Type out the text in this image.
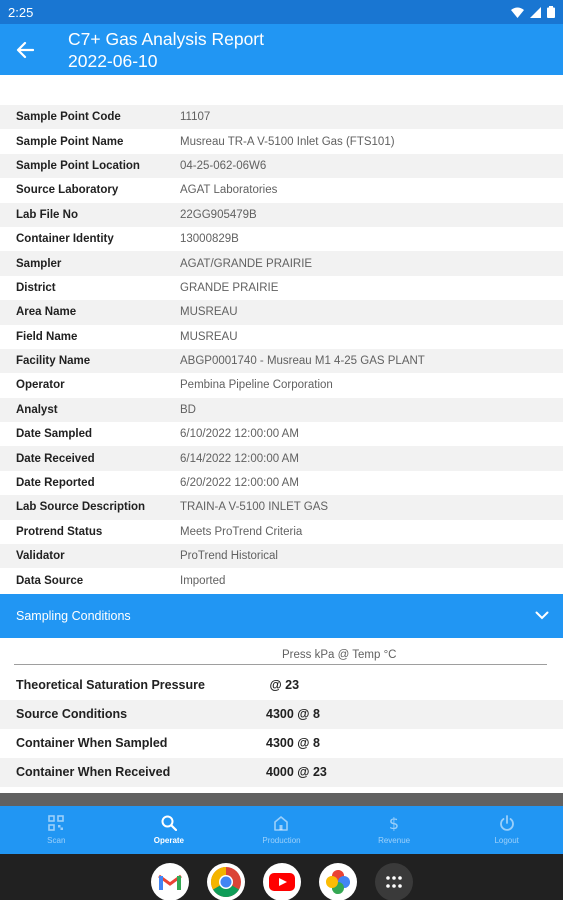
2:25
C7+ Gas Analysis Report
2022-06-10
Sample Point Code	11107
Sample Point Name	Musreau TR-A V-5100 Inlet Gas (FTS101)
Sample Point Location	04-25-062-06W6
Source Laboratory	AGAT Laboratories
Lab File No	22GG905479B
Container Identity	13000829B
Sampler	AGAT/GRANDE PRAIRIE
District	GRANDE PRAIRIE
Area Name	MUSREAU
Field Name	MUSREAU
Facility Name	ABGP0001740 - Musreau M1 4-25 GAS PLANT
Operator	Pembina Pipeline Corporation
Analyst	BD
Date Sampled	6/10/2022 12:00:00 AM
Date Received	6/14/2022 12:00:00 AM
Date Reported	6/20/2022 12:00:00 AM
Lab Source Description	TRAIN-A V-5100 INLET GAS
Protrend Status	Meets ProTrend Criteria
Validator	ProTrend Historical
Data Source	Imported
Sampling Conditions
Press kPa @ Temp °C
Theoretical Saturation Pressure	@ 23
Source Conditions	4300 @ 8
Container When Sampled	4300 @ 8
Container When Received	4000 @ 23
Scan	Operate	Production
$
Revenue	Logout
